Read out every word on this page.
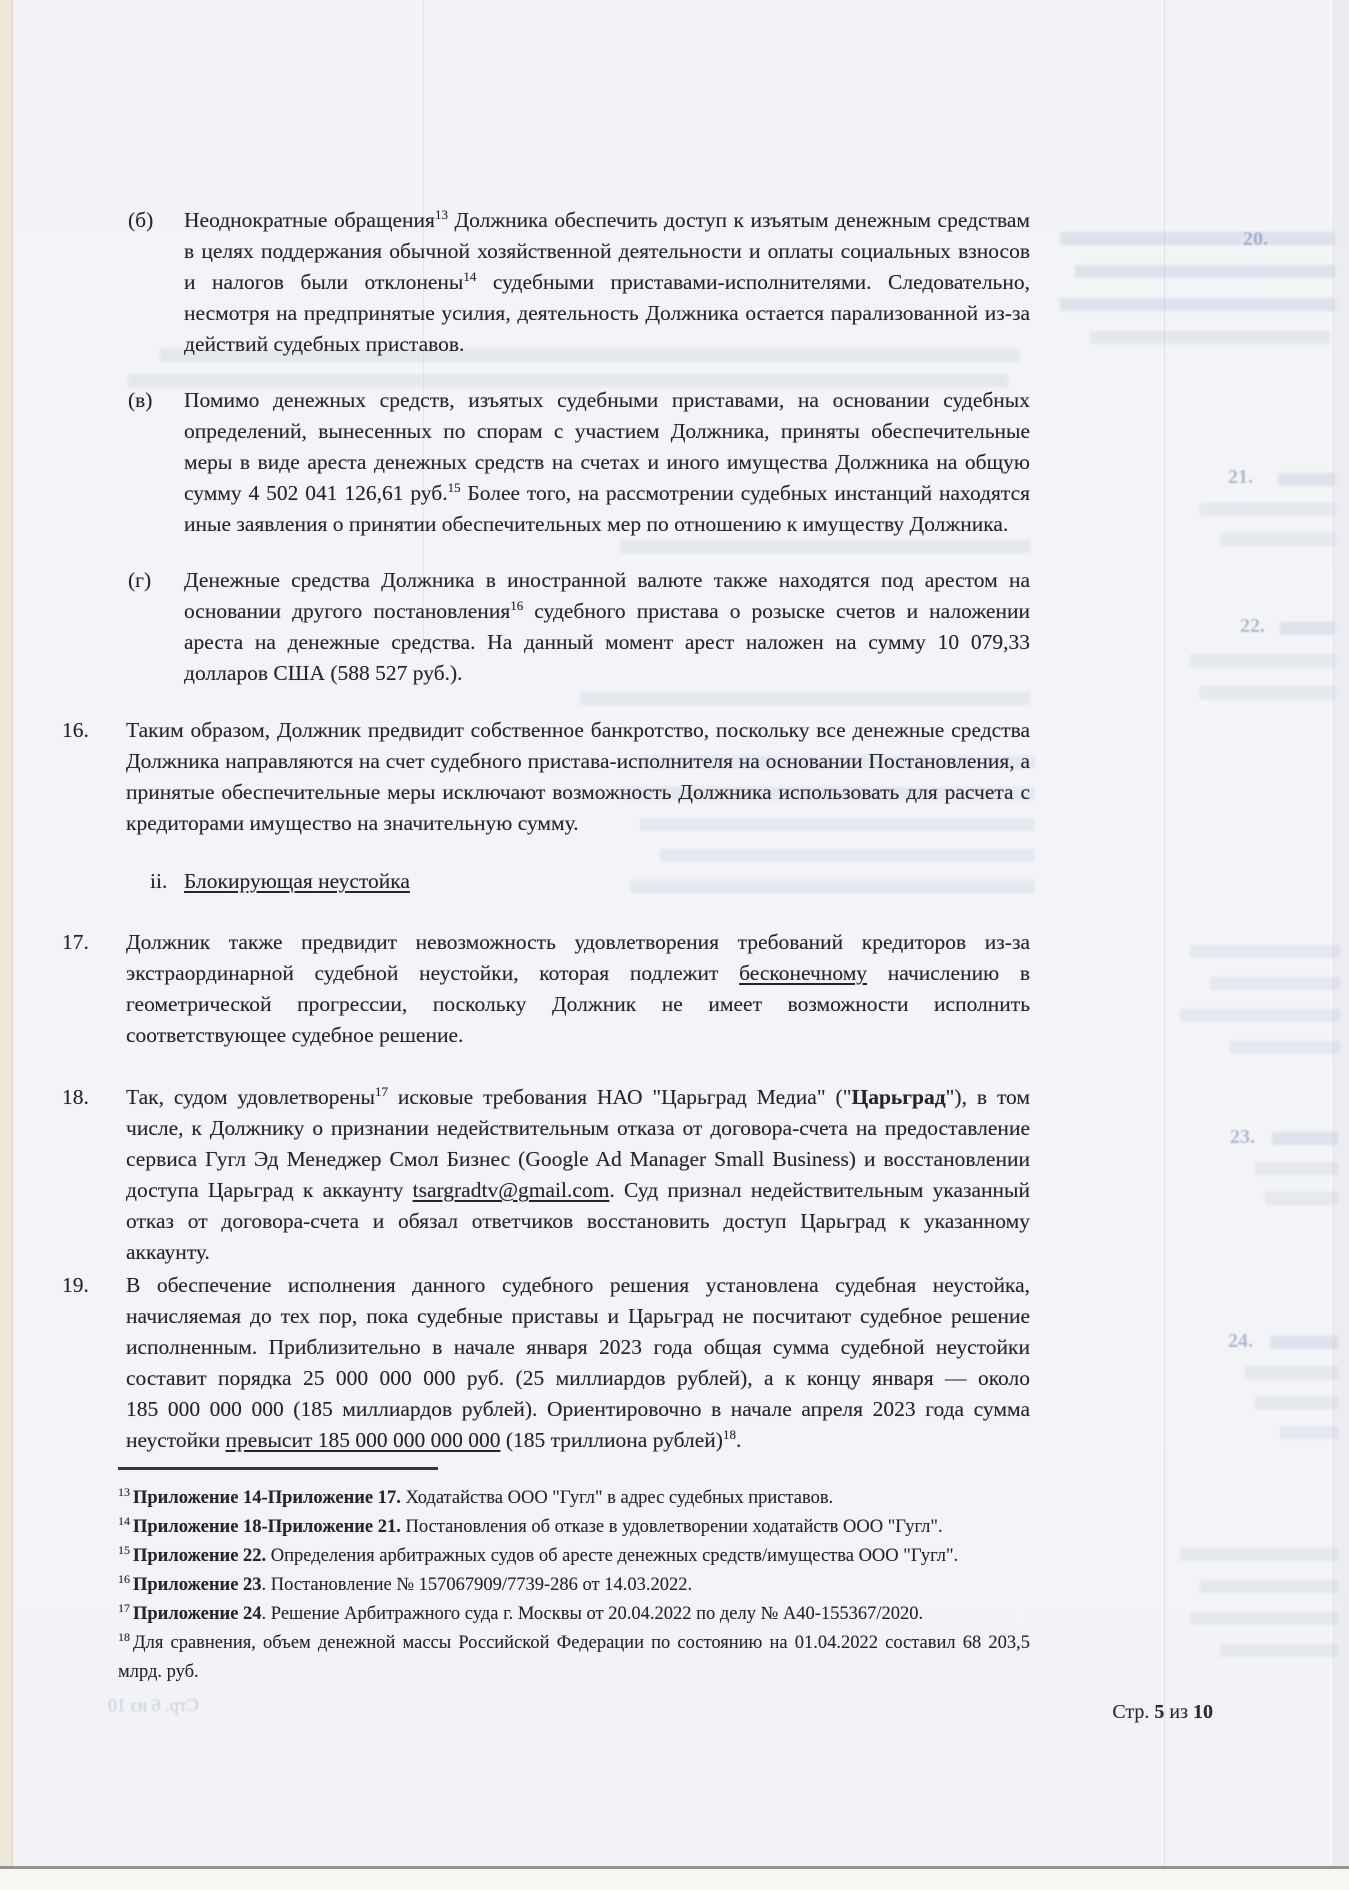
20.
21.
22.
23.
24.
Стр. 6 из 10
(б) Неоднократные обращения$^{13}$ Должника обеспечить доступ к изъятым денежным средствам в целях поддержания обычной хозяйственной деятельности и оплаты социальных взносов и налогов были отклонены$^{14}$ судебными приставами-исполнителями. Следовательно, несмотря на предпринятые усилия, деятельность Должника остается парализованной из-за действий судебных приставов.
(в) Помимо денежных средств, изъятых судебными приставами, на основании судебных определений, вынесенных по спорам с участием Должника, приняты обеспечительные меры в виде ареста денежных средств на счетах и иного имущества Должника на общую сумму 4 502 041 126,61 руб.$^{15}$ Более того, на рассмотрении судебных инстанций находятся иные заявления о принятии обеспечительных мер по отношению к имуществу Должника.
(г) Денежные средства Должника в иностранной валюте также находятся под арестом на основании другого постановления$^{16}$ судебного пристава о розыске счетов и наложении ареста на денежные средства. На данный момент арест наложен на сумму 10 079,33 долларов США (588 527 руб.).
16. Таким образом, Должник предвидит собственное банкротство, поскольку все денежные средства Должника направляются на счет судебного пристава-исполнителя на основании Постановления, а принятые обеспечительные меры исключают возможность Должника использовать для расчета с кредиторами имущество на значительную сумму.
ii. Блокирующая неустойка
17. Должник также предвидит невозможность удовлетворения требований кредиторов из-за экстраординарной судебной неустойки, которая подлежит бесконечному начислению в геометрической прогрессии, поскольку Должник не имеет возможности исполнить соответствующее судебное решение.
18. Так, судом удовлетворены$^{17}$ исковые требования НАО "Царьград Медиа" ("Царьград"), в том числе, к Должнику о признании недействительным отказа от договора-счета на предоставление сервиса Гугл Эд Менеджер Смол Бизнес (Google Ad Manager Small Business) и восстановлении доступа Царьград к аккаунту tsargradtv@gmail.com. Суд признал недействительным указанный отказ от договора-счета и обязал ответчиков восстановить доступ Царьград к указанному аккаунту.
19. В обеспечение исполнения данного судебного решения установлена судебная неустойка, начисляемая до тех пор, пока судебные приставы и Царьград не посчитают судебное решение исполненным. Приблизительно в начале января 2023 года общая сумма судебной неустойки составит порядка 25 000 000 000 руб. (25 миллиардов рублей), а к концу января — около 185 000 000 000 (185 миллиардов рублей). Ориентировочно в начале апреля 2023 года сумма неустойки превысит 185 000 000 000 000 (185 триллиона рублей)$^{18}$.

$^{13}$ Приложение 14-Приложение 17. Ходатайства ООО "Гугл" в адрес судебных приставов.

$^{14}$ Приложение 18-Приложение 21. Постановления об отказе в удовлетворении ходатайств ООО "Гугл".

$^{15}$ Приложение 22. Определения арбитражных судов об аресте денежных средств/имущества ООО "Гугл".

$^{16}$ Приложение 23. Постановление № 157067909/7739-286 от 14.03.2022.

$^{17}$ Приложение 24. Решение Арбитражного суда г. Москвы от 20.04.2022 по делу № А40-155367/2020.

$^{18}$ Для сравнения, объем денежной массы Российской Федерации по состоянию на 01.04.2022 составил 68 203,5 млрд. руб.

Стр. 5 из 10
